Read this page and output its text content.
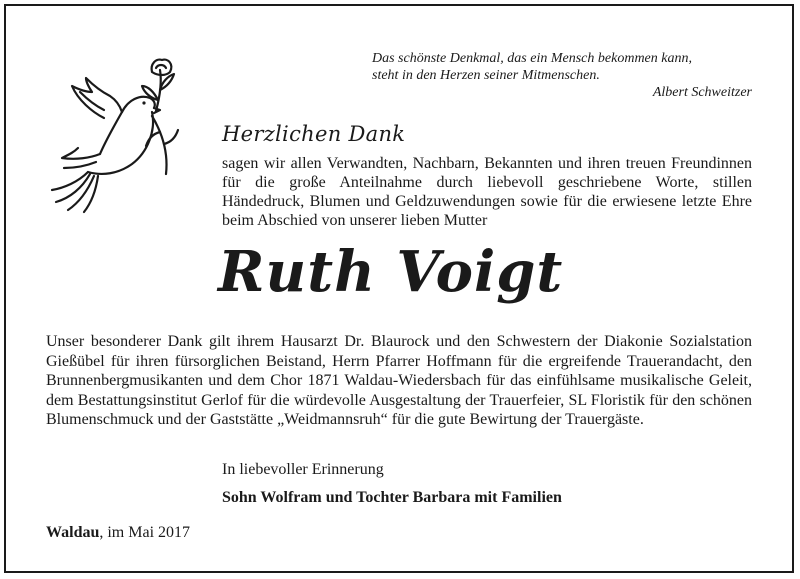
Das schönste Denkmal, das ein Mensch bekommen kann,
steht in den Herzen seiner Mitmenschen.
Albert Schweitzer
Herzlichen Dank
sagen wir allen Verwandten, Nachbarn, Bekannten und ihren treuen Freundinnen für die große Anteilnahme durch liebevoll geschriebene Worte, stillen Händedruck, Blumen und Geldzuwendungen sowie für die erwiesene letzte Ehre beim Abschied von unserer lieben Mutter
Ruth Voigt
Unser besonderer Dank gilt ihrem Hausarzt Dr. Blaurock und den Schwestern der Diakonie Sozialstation Gießübel für ihren fürsorglichen Beistand, Herrn Pfarrer Hoffmann für die ergreifende Trauerandacht, den Brunnenbergmusikanten und dem Chor 1871 Waldau-Wiedersbach für das einfühlsame musikalische Geleit, dem Bestattungsinstitut Gerlof für die würdevolle Ausgestaltung der Trauerfeier, SL Floristik für den schönen Blumenschmuck und der Gaststätte „Weidmannsruh“ für die gute Bewirtung der Trauergäste.
In liebevoller Erinnerung
Sohn Wolfram und Tochter Barbara mit Familien
Waldau, im Mai 2017
